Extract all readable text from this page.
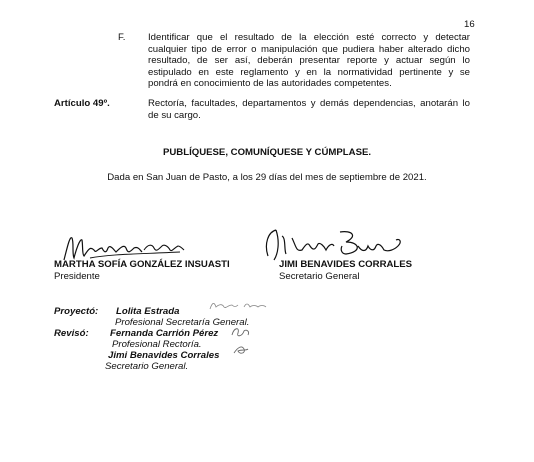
16
F. Identificar que el resultado de la elección esté correcto y detectar
cualquier tipo de error o manipulación que pudiera haber alterado dicho
resultado, de ser así, deberán presentar reporte y actuar según lo
estipulado en este reglamento y en la normatividad pertinente y se
pondrá en conocimiento de las autoridades competentes.
Artículo 49º.	Rectoría, facultades, departamentos y demás dependencias, anotarán lo
de su cargo.
PUBLÍQUESE, COMUNÍQUESE Y CÚMPLASE.
Dada en San Juan de Pasto, a los 29 días del mes de septiembre de 2021.
MARTHA SOFÍA GONZÁLEZ INSUASTI
Presidente
JIMI BENAVIDES CORRALES
Secretario General
Proyectó: Lolita Estrada
Profesional Secretaría General.
Revisó: Fernanda Carrión Pérez
Profesional Rectoría.
Jimi Benavides Corrales
Secretario General.
